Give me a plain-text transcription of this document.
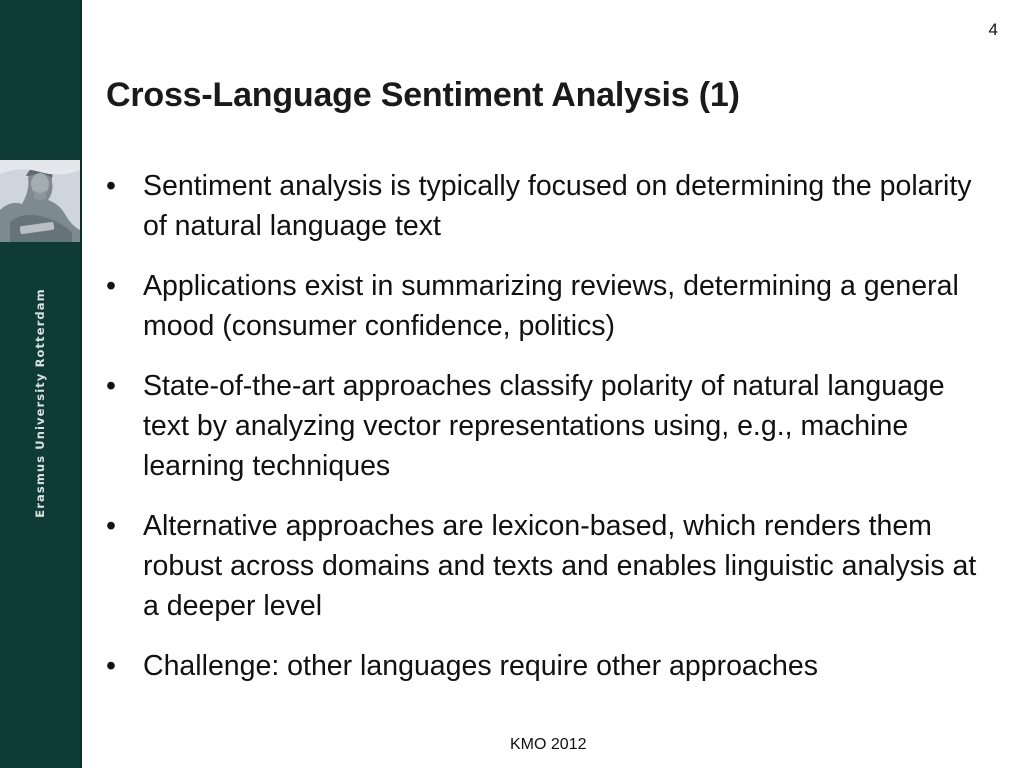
Erasmus University Rotterdam
4
Cross-Language Sentiment Analysis (1)
• Sentiment analysis is typically focused on determining the polarity of natural language text
• Applications exist in summarizing reviews, determining a general mood (consumer confidence, politics)
• State-of-the-art approaches classify polarity of natural language text by analyzing vector representations using, e.g., machine learning techniques
• Alternative approaches are lexicon-based, which renders them robust across domains and texts and enables linguistic analysis at a deeper level
• Challenge: other languages require other approaches
KMO 2012
